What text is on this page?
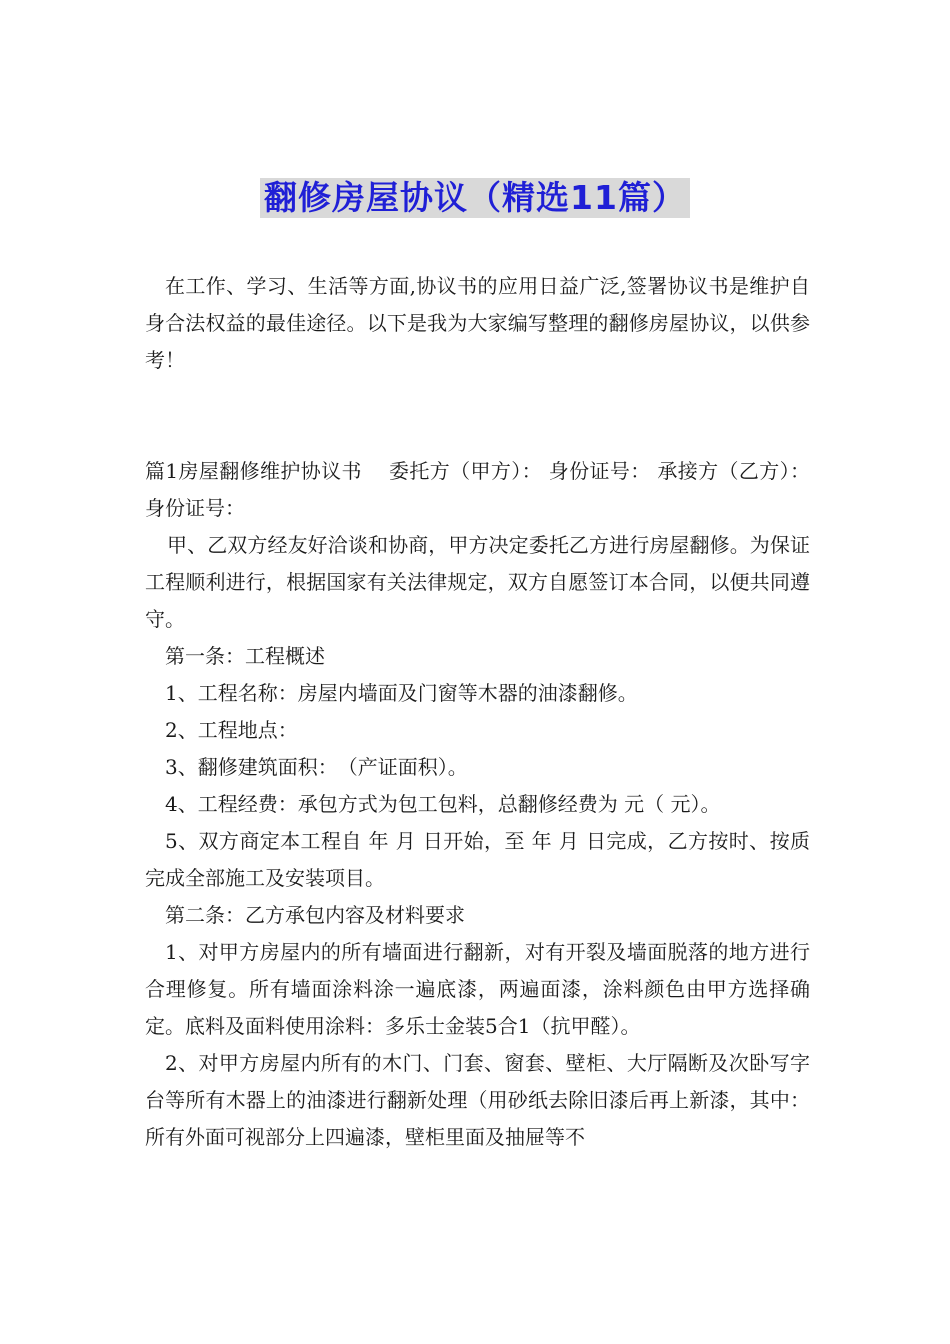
翻修房屋协议（精选11篇）

在工作、学习、生活等方面,协议书的应用日益广泛,签署协议书是维护自身合法权益的最佳途径。以下是我为大家编写整理的翻修房屋协议，以供参考！

篇1房屋翻修维护协议书　 委托方（甲方）： 身份证号： 承接方（乙方）： 身份证号：

甲、乙双方经友好洽谈和协商，甲方决定委托乙方进行房屋翻修。为保证工程顺利进行，根据国家有关法律规定，双方自愿签订本合同，以便共同遵守。

第一条：工程概述

1、工程名称：房屋内墙面及门窗等木器的油漆翻修。

2、工程地点：

3、翻修建筑面积：　（产证面积）。

4、工程经费：承包方式为包工包料，总翻修经费为 元（ 元）。

5、双方商定本工程自 年 月 日开始，至 年 月 日完成，乙方按时、按质完成全部施工及安装项目。

第二条：乙方承包内容及材料要求

1、对甲方房屋内的所有墙面进行翻新，对有开裂及墙面脱落的地方进行合理修复。所有墙面涂料涂一遍底漆，两遍面漆，涂料颜色由甲方选择确定。底料及面料使用涂料：多乐士金装5合1（抗甲醛）。

2、对甲方房屋内所有的木门、门套、窗套、壁柜、大厅隔断及次卧写字台等所有木器上的油漆进行翻新处理（用砂纸去除旧漆后再上新漆，其中：所有外面可视部分上四遍漆，壁柜里面及抽屉等不
